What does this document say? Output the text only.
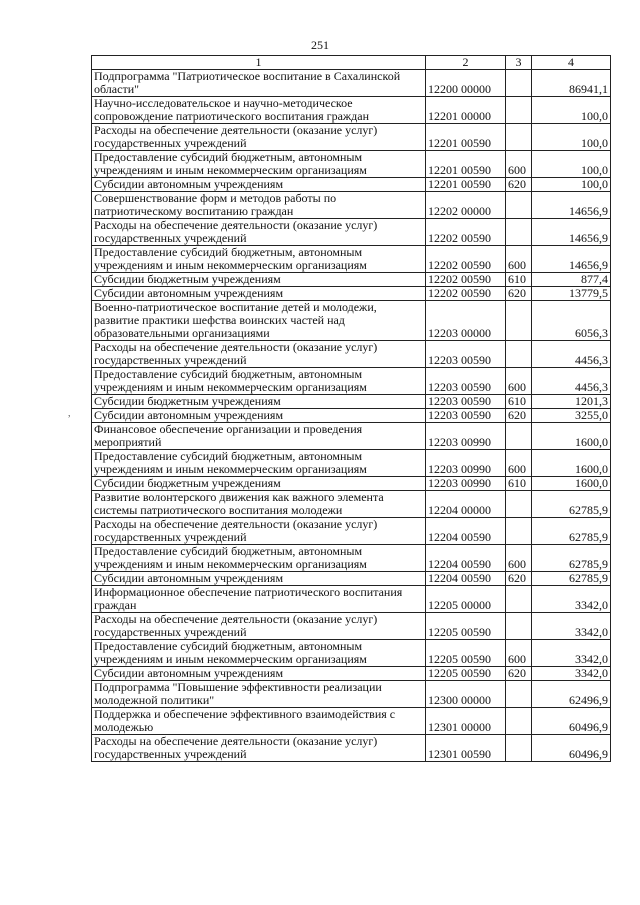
251
1	2	3	4
Подпрограмма "Патриотическое воспитание в Сахалинской области"	12200 00000		86941,1
Научно-исследовательское и научно-методическое сопровождение патриотического воспитания граждан	12201 00000		100,0
Расходы на обеспечение деятельности (оказание услуг) государственных учреждений	12201 00590		100,0
Предоставление субсидий бюджетным, автономным учреждениям и иным некоммерческим организациям	12201 00590	600	100,0
Субсидии автономным учреждениям	12201 00590	620	100,0
Совершенствование форм и методов работы по патриотическому воспитанию граждан	12202 00000		14656,9
Расходы на обеспечение деятельности (оказание услуг) государственных учреждений	12202 00590		14656,9
Предоставление субсидий бюджетным, автономным учреждениям и иным некоммерческим организациям	12202 00590	600	14656,9
Субсидии бюджетным учреждениям	12202 00590	610	877,4
Субсидии автономным учреждениям	12202 00590	620	13779,5
Военно-патриотическое воспитание детей и молодежи, развитие практики шефства воинских частей над образовательными организациями	12203 00000		6056,3
Расходы на обеспечение деятельности (оказание услуг) государственных учреждений	12203 00590		4456,3
Предоставление субсидий бюджетным, автономным учреждениям и иным некоммерческим организациям	12203 00590	600	4456,3
Субсидии бюджетным учреждениям	12203 00590	610	1201,3
Субсидии автономным учреждениям	12203 00590	620	3255,0
Финансовое обеспечение организации и проведения мероприятий	12203 00990		1600,0
Предоставление субсидий бюджетным, автономным учреждениям и иным некоммерческим организациям	12203 00990	600	1600,0
Субсидии бюджетным учреждениям	12203 00990	610	1600,0
Развитие волонтерского движения как важного элемента системы патриотического воспитания молодежи	12204 00000		62785,9
Расходы на обеспечение деятельности (оказание услуг) государственных учреждений	12204 00590		62785,9
Предоставление субсидий бюджетным, автономным учреждениям и иным некоммерческим организациям	12204 00590	600	62785,9
Субсидии автономным учреждениям	12204 00590	620	62785,9
Информационное обеспечение патриотического воспитания граждан	12205 00000		3342,0
Расходы на обеспечение деятельности (оказание услуг) государственных учреждений	12205 00590		3342,0
Предоставление субсидий бюджетным, автономным учреждениям и иным некоммерческим организациям	12205 00590	600	3342,0
Субсидии автономным учреждениям	12205 00590	620	3342,0
Подпрограмма "Повышение эффективности реализации молодежной политики"	12300 00000		62496,9
Поддержка и обеспечение эффективного взаимодействия с молодежью	12301 00000		60496,9
Расходы на обеспечение деятельности (оказание услуг) государственных учреждений	12301 00590		60496,9
,
